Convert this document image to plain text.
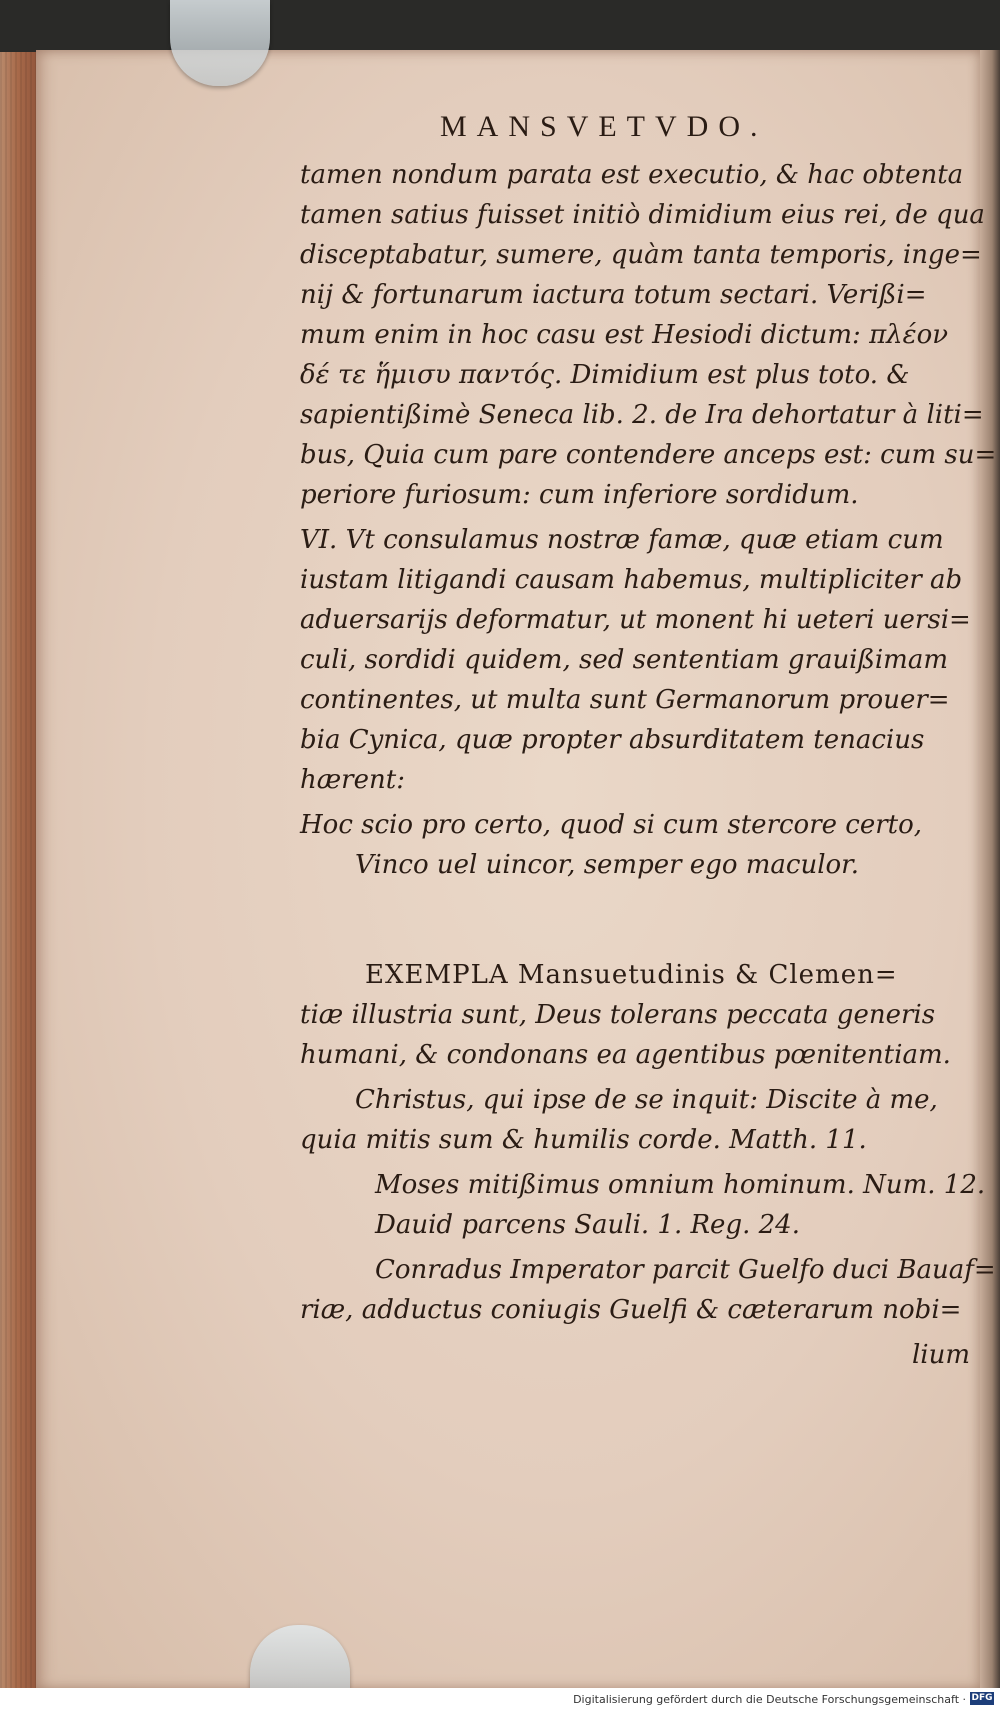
MANSVETVDO.
tamen nondum parata est executio, & hac obtenta
tamen satius fuisset initiò dimidium eius rei, de qua
disceptabatur, sumere, quàm tanta temporis, inge=
nij & fortunarum iactura totum sectari. Verißi=
mum enim in hoc casu est Hesiodi dictum: πλέον
δέ τε ἥμισυ παντός. Dimidium est plus toto. &
sapientißimè Seneca lib. 2. de Ira dehortatur à liti=
bus, Quia cum pare contendere anceps est: cum su=
periore furiosum: cum inferiore sordidum.
VI. Vt consulamus nostræ famæ, quæ etiam cum
iustam litigandi causam habemus, multipliciter ab
aduersarijs deformatur, ut monent hi ueteri uersi=
culi, sordidi quidem, sed sententiam grauißimam
continentes, ut multa sunt Germanorum prouer=
bia Cynica, quæ propter absurditatem tenacius
hærent:
Hoc scio pro certo, quod si cum stercore certo,
Vinco uel uincor, semper ego maculor.
EXEMPLA Mansuetudinis & Clemen=
tiæ illustria sunt, Deus tolerans peccata generis
humani, & condonans ea agentibus pœnitentiam.
Christus, qui ipse de se inquit: Discite à me,
quia mitis sum & humilis corde. Matth. 11.
Moses mitißimus omnium hominum. Num. 12.
Dauid parcens Sauli. 1. Reg. 24.
Conradus Imperator parcit Guelfo duci Bauaf=
riæ, adductus coniugis Guelfi & cæterarum nobi=
lium
Digitalisierung gefördert durch die Deutsche Forschungsgemeinschaft · DFG
